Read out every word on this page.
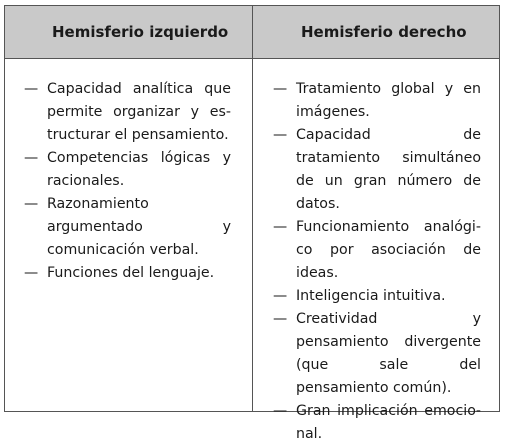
Hemisferio izquierdo	Hemisferio derecho
— Capacidad analítica que permite organizar y estructurar el pensamiento.
— Competencias lógicas y racionales.
— Razonamiento argumentado y comunicación verbal.
— Funciones del lenguaje.
— Tratamiento global y en imágenes.
— Capacidad de tratamiento simultáneo de un gran número de datos.
— Funcionamiento analógico por asociación de ideas.
— Inteligencia intuitiva.
— Creatividad y pensamiento divergente (que sale del pensamiento común).
— Gran implicación emocional.
